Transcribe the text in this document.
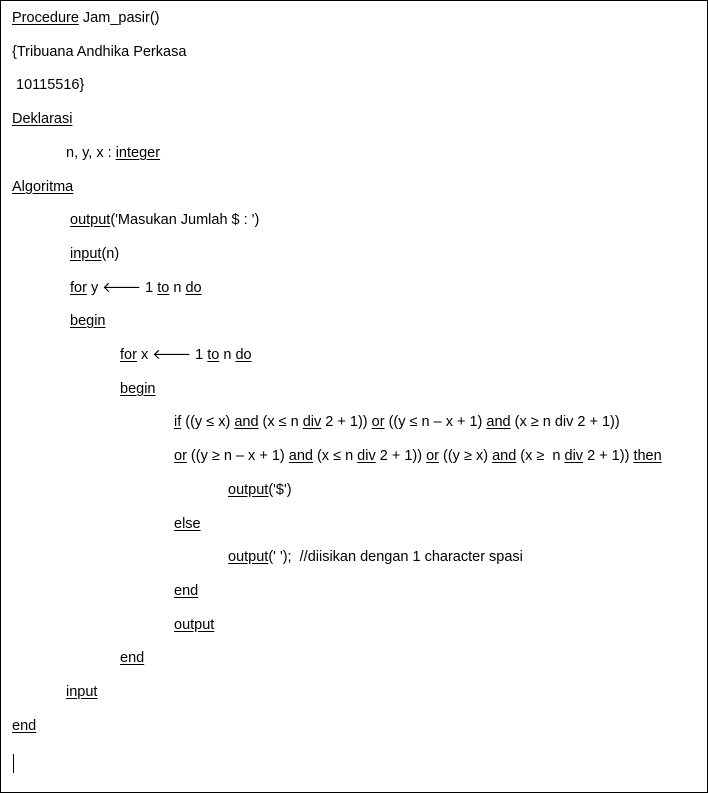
Procedure Jam_pasir()
{Tribuana Andhika Perkasa
10115516}
Deklarasi
n, y, x : integer
Algoritma
output('Masukan Jumlah $ : ')
input(n)
for y 🡐 1 to n do
begin
for x 🡐 1 to n do
begin
if ((y ≤ x) and (x ≤ n div 2 + 1)) or ((y ≤ n – x + 1) and (x ≥ n div 2 + 1))
or ((y ≥ n – x + 1) and (x ≤ n div 2 + 1)) or ((y ≥ x) and (x ≥  n div 2 + 1)) then
output('$')
else
output(' ');  //diisikan dengan 1 character spasi
end
output
end
input
end
